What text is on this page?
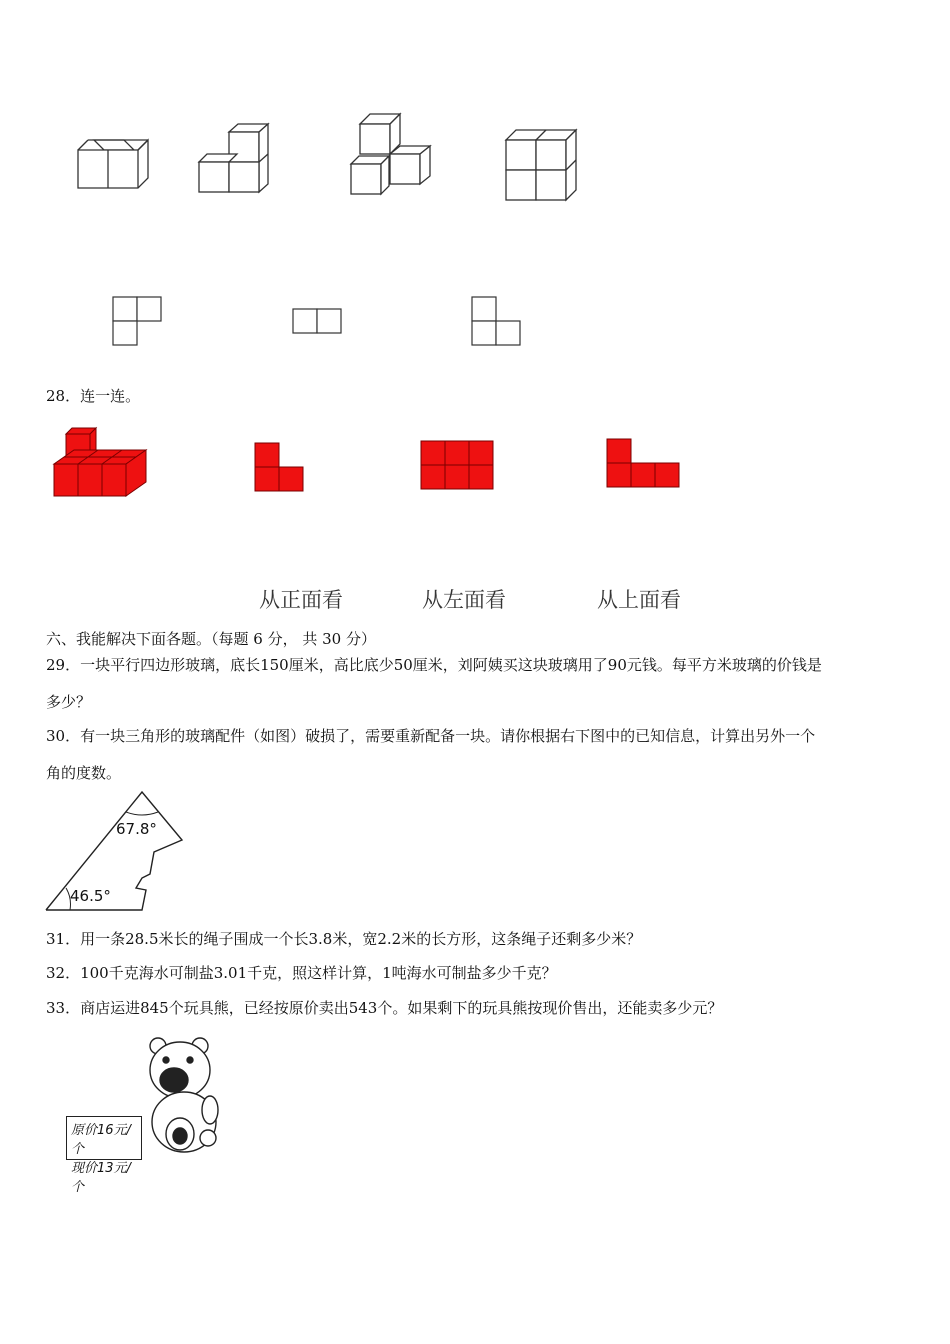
28．连一连。
从正面看	从左面看	从上面看
六、我能解决下面各题。（每题 6 分， 共 30 分）
29．一块平行四边形玻璃，底长150厘米，高比底少50厘米，刘阿姨买这块玻璃用了90元钱。每平方米玻璃的价钱是
多少？
30．有一块三角形的玻璃配件（如图）破损了，需要重新配备一块。请你根据右下图中的已知信息，计算出另外一个
角的度数。
67.8°
46.5°
31．用一条28.5米长的绳子围成一个长3.8米，宽2.2米的长方形，这条绳子还剩多少米？
32．100千克海水可制盐3.01千克，照这样计算，1吨海水可制盐多少千克？
33．商店运进845个玩具熊，已经按原价卖出543个。如果剩下的玩具熊按现价售出，还能卖多少元？
原价16元/个
现价13元/个
